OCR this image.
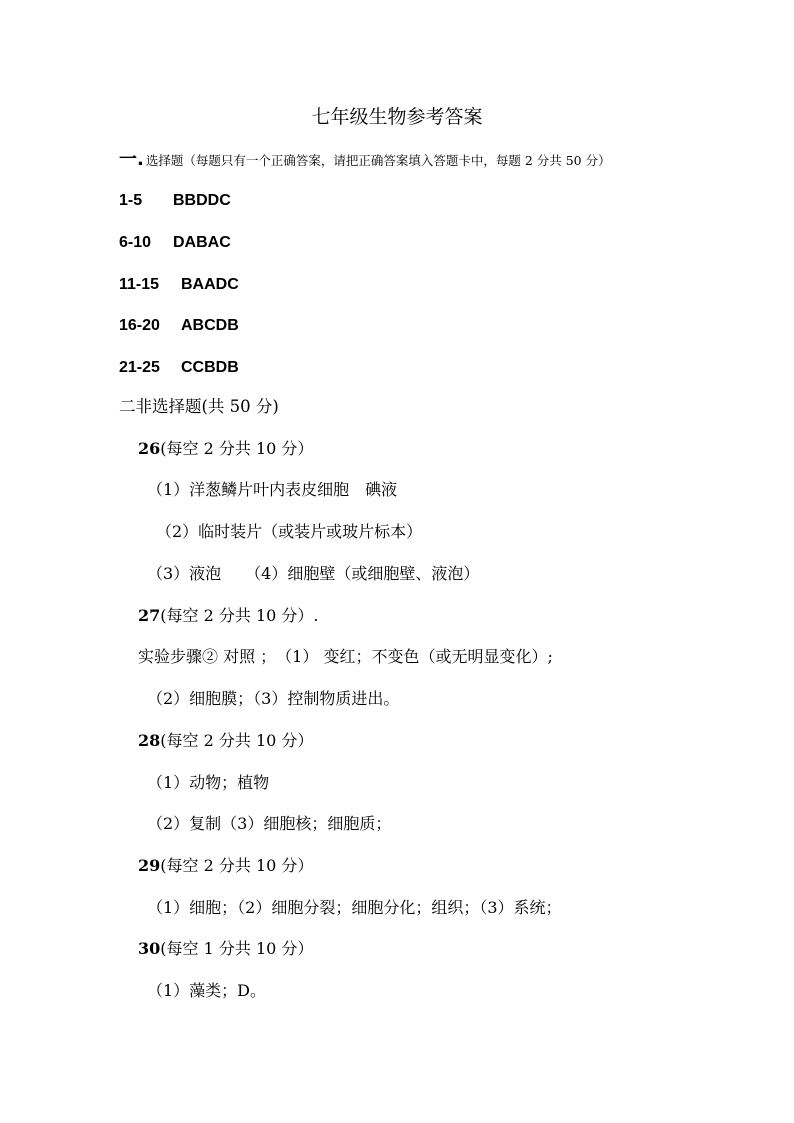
七年级生物参考答案
一. 选择题（每题只有一个正确答案，请把正确答案填入答题卡中，每题 2 分共 50 分）
1-5 BBDDC
6-10 DABAC
11-15 BAADC
16-20 ABCDB
21-25 CCBDB
二非选择题(共 50 分)
26(每空 2 分共 10 分）
（1）洋葱鳞片叶内表皮细胞　碘液
（2）临时装片（或装片或玻片标本）
（3）液泡　　（4）细胞壁（或细胞壁、液泡）
27(每空 2 分共 10 分）.
实验步骤② 对照 ；　（1） 变红；不变色（或无明显变化）;
（2）细胞膜；（3）控制物质进出。
28(每空 2 分共 10 分）
（1）动物；植物
（2）复制（3）细胞核；细胞质；
29(每空 2 分共 10 分）
（1）细胞；（2）细胞分裂；细胞分化；组织；（3）系统；
30(每空 1 分共 10 分）
（1）藻类；D。
